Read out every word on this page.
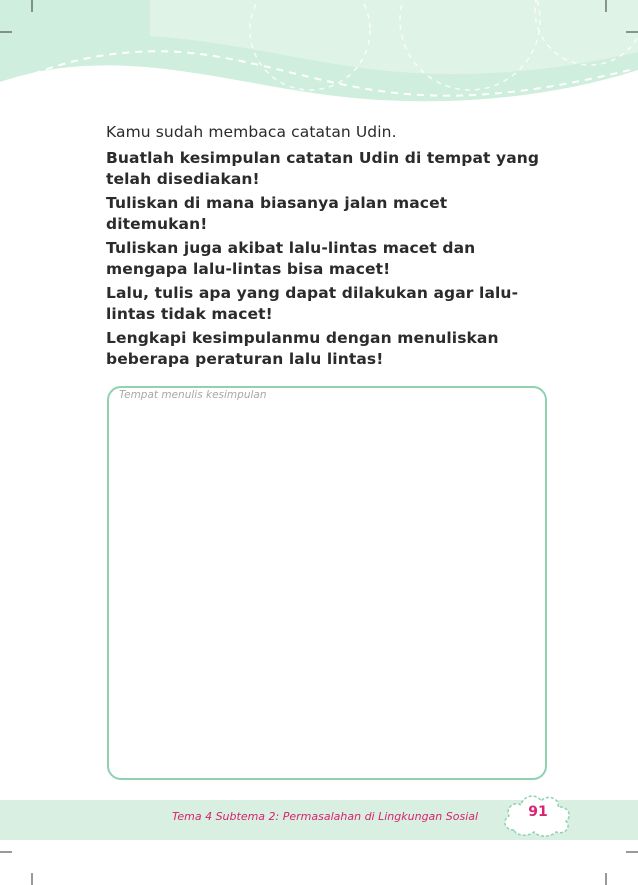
Kamu sudah membaca catatan Udin.

Buatlah kesimpulan catatan Udin di tempat yang telah disediakan!

Tuliskan di mana biasanya jalan macet ditemukan!

Tuliskan juga akibat lalu-lintas macet dan mengapa lalu-lintas bisa macet!

Lalu, tulis apa yang dapat dilakukan agar lalu-lintas tidak macet!

Lengkapi kesimpulanmu dengan menuliskan beberapa peraturan lalu lintas!

Tempat menulis kesimpulan
Tema 4 Subtema 2: Permasalahan di Lingkungan Sosial	91
